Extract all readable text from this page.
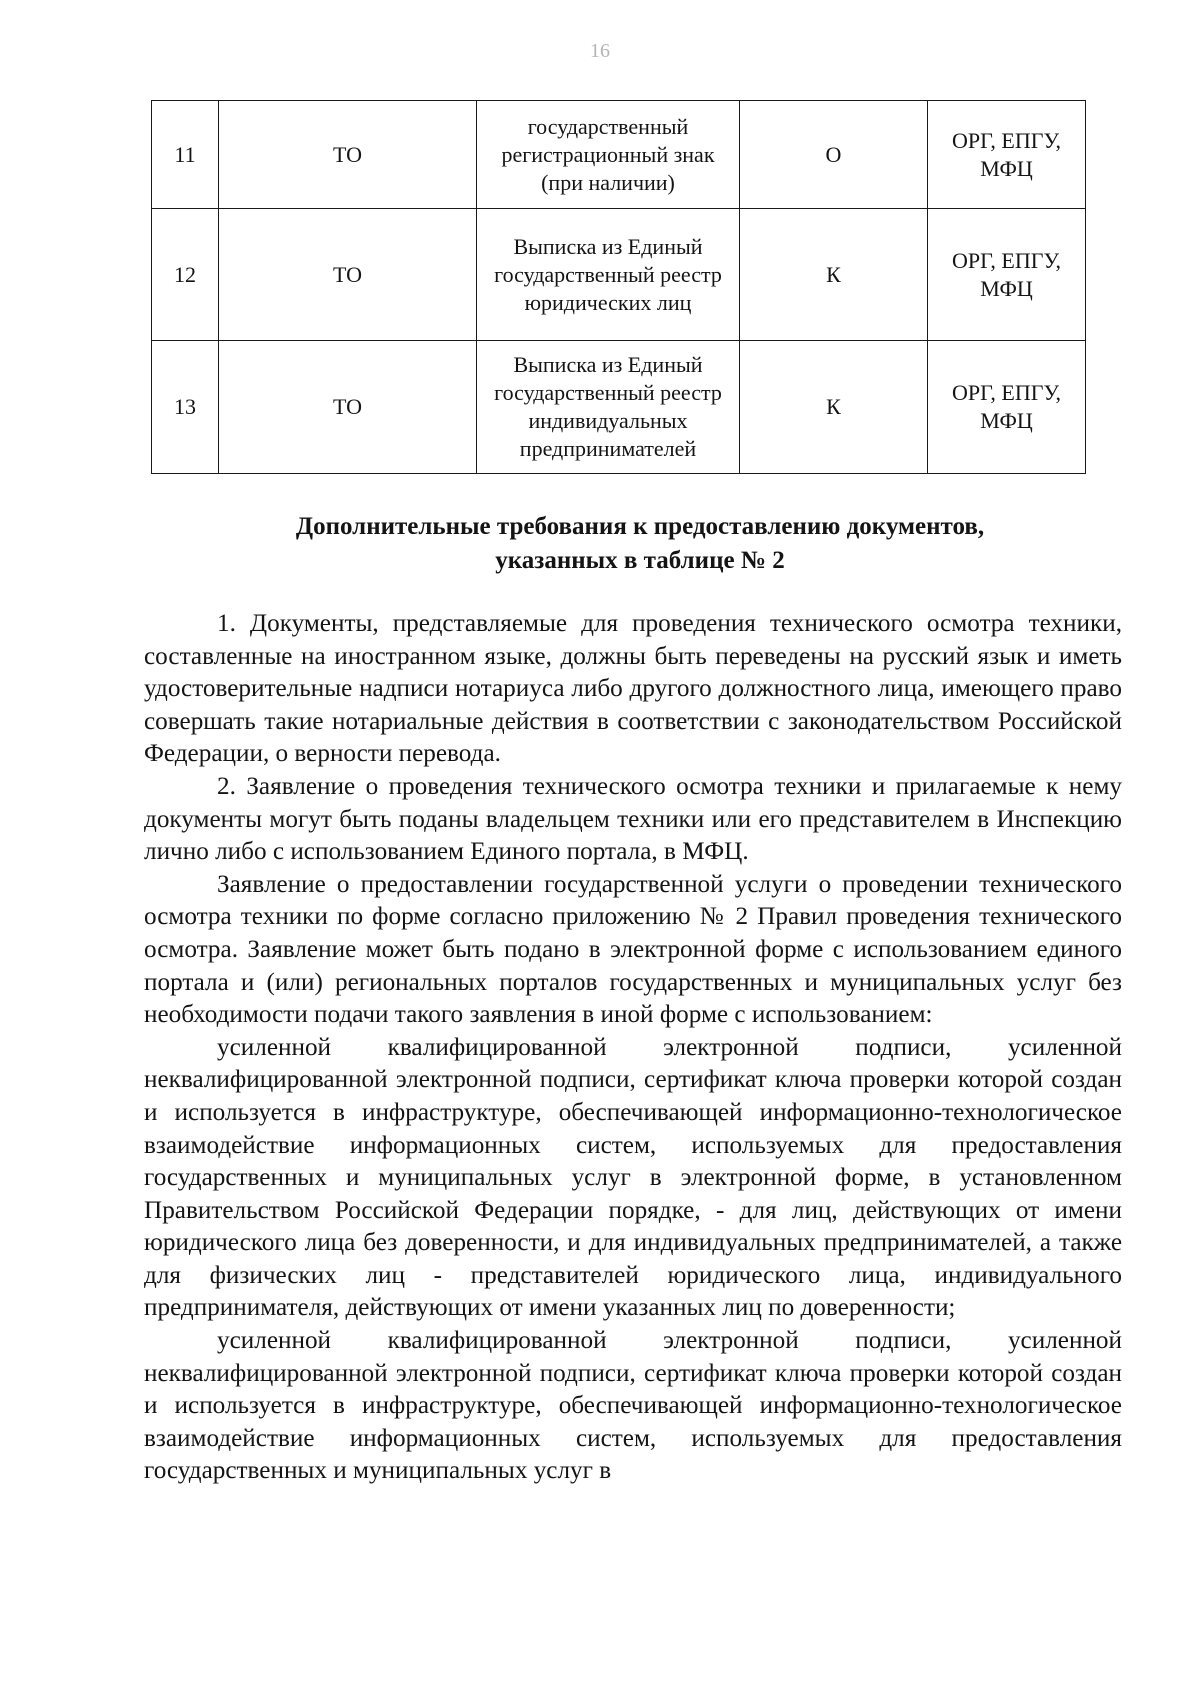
16
11	ТО	государственный регистрационный знак (при наличии)	О	ОРГ, ЕПГУ, МФЦ
12	ТО	Выписка из Единый государственный реестр юридических лиц	К	ОРГ, ЕПГУ, МФЦ
13	ТО	Выписка из Единый государственный реестр индивидуальных предпринимателей	К	ОРГ, ЕПГУ, МФЦ
Дополнительные требования к предоставлению документов,
указанных в таблице № 2

1. Документы, представляемые для проведения технического осмотра техники, составленные на иностранном языке, должны быть переведены на русский язык и иметь удостоверительные надписи нотариуса либо другого должностного лица, имеющего право совершать такие нотариальные действия в соответствии с законодательством Российской Федерации, о верности перевода.

2. Заявление о проведения технического осмотра техники и прилагаемые к нему документы могут быть поданы владельцем техники или его представителем в Инспекцию лично либо с использованием Единого портала, в МФЦ.

Заявление о предоставлении государственной услуги о проведении технического осмотра техники по форме согласно приложению № 2 Правил проведения технического осмотра. Заявление может быть подано в электронной форме с использованием единого портала и (или) региональных порталов государственных и муниципальных услуг без необходимости подачи такого заявления в иной форме с использованием:

усиленной квалифицированной электронной подписи, усиленной неквалифицированной электронной подписи, сертификат ключа проверки которой создан и используется в инфраструктуре, обеспечивающей информационно-технологическое взаимодействие информационных систем, используемых для предоставления государственных и муниципальных услуг в электронной форме, в установленном Правительством Российской Федерации порядке, - для лиц, действующих от имени юридического лица без доверенности, и для индивидуальных предпринимателей, а также для физических лиц - представителей юридического лица, индивидуального предпринимателя, действующих от имени указанных лиц по доверенности;

усиленной квалифицированной электронной подписи, усиленной неквалифицированной электронной подписи, сертификат ключа проверки которой создан и используется в инфраструктуре, обеспечивающей информационно-технологическое взаимодействие информационных систем, используемых для предоставления государственных и муниципальных услуг в
